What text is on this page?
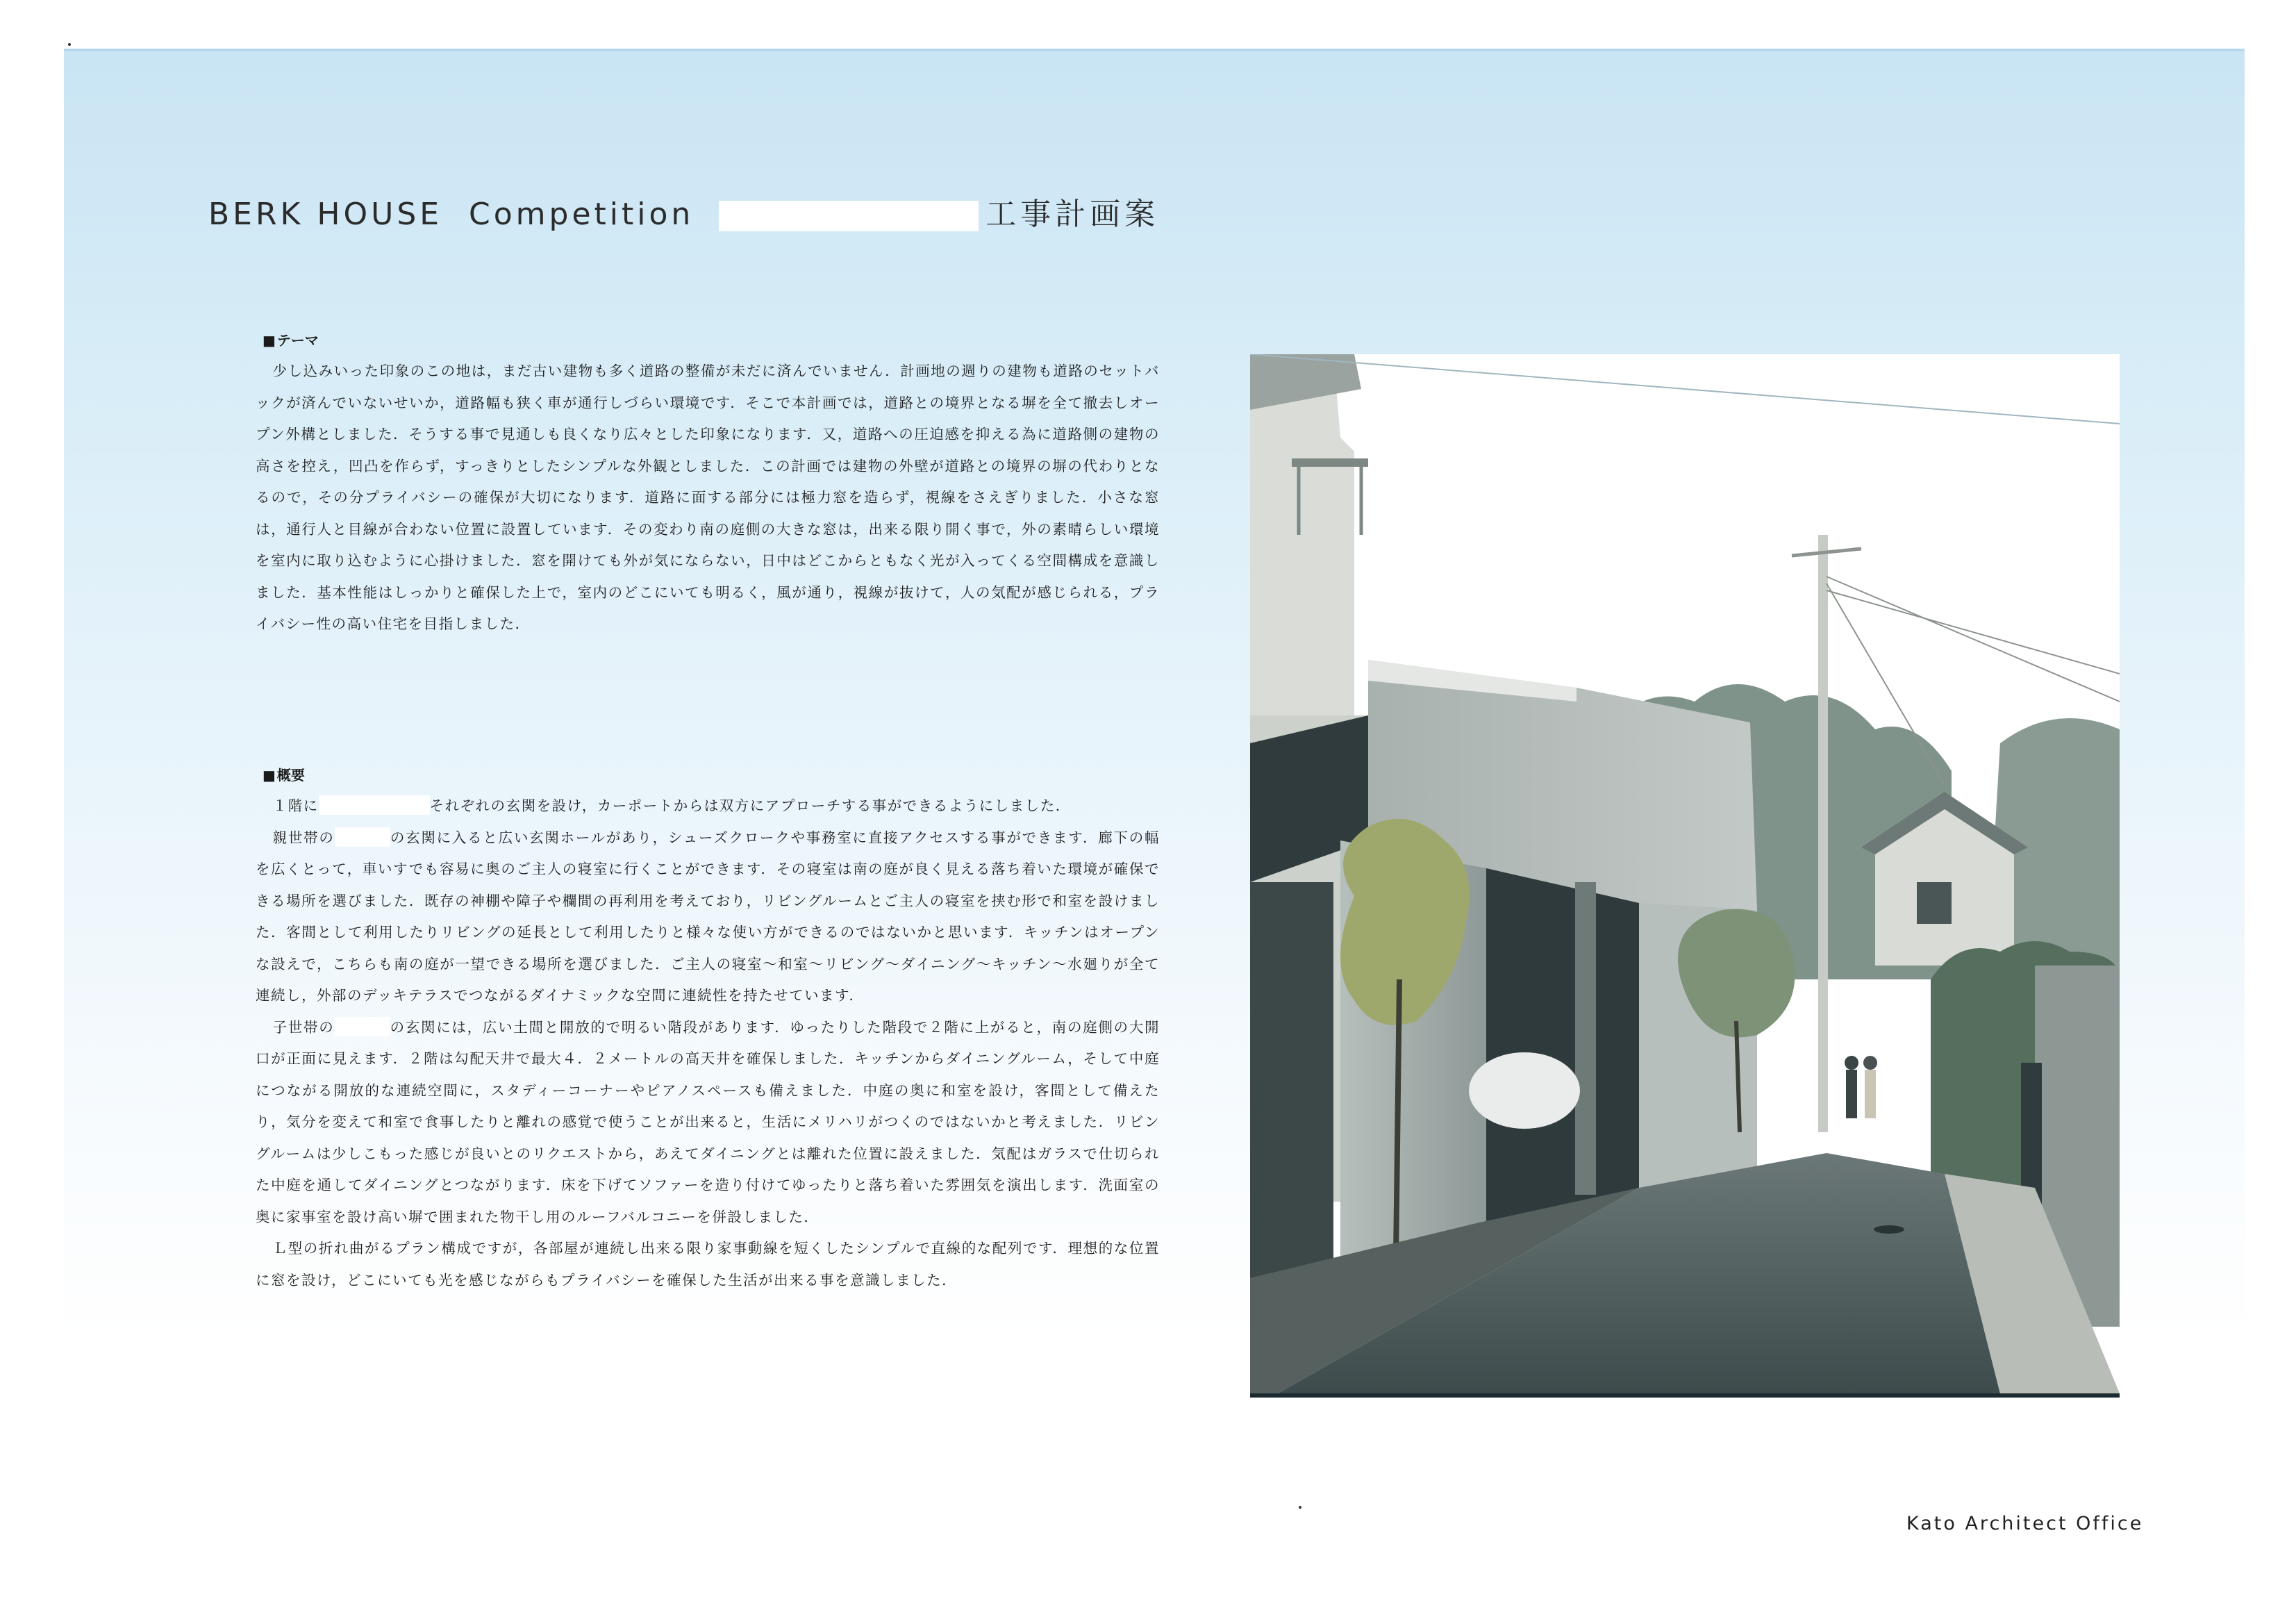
BERK HOUSE  Competition	工事計画案
■ テーマ

少し込みいった印象のこの地は，まだ古い建物も多く道路の整備が未だに済んでいません．計画地の週りの建物も道路のセットバックが済んでいないせいか，道路幅も狭く車が通行しづらい環境です．そこで本計画では，道路との境界となる塀を全て撤去しオープン外構としました．そうする事で見通しも良くなり広々とした印象になります．又，道路への圧迫感を抑える為に道路側の建物の高さを控え，凹凸を作らず，すっきりとしたシンプルな外観としました．この計画では建物の外壁が道路との境界の塀の代わりとなるので，その分プライバシーの確保が大切になります．道路に面する部分には極力窓を造らず，視線をさえぎりました．小さな窓は，通行人と目線が合わない位置に設置しています．その変わり南の庭側の大きな窓は，出来る限り開く事で，外の素晴らしい環境を室内に取り込むように心掛けました．窓を開けても外が気にならない，日中はどこからともなく光が入ってくる空間構成を意識しました．基本性能はしっかりと確保した上で，室内のどこにいても明るく，風が通り，視線が抜けて，人の気配が感じられる，プライバシー性の高い住宅を目指しました．

■ 概要

１階に	それぞれの玄関を設け，カーポートからは双方にアプローチする事ができるようにしました．

親世帯の	の玄関に入ると広い玄関ホールがあり，シューズクロークや事務室に直接アクセスする事ができます．廊下の幅を広くとって，車いすでも容易に奥のご主人の寝室に行くことができます．その寝室は南の庭が良く見える落ち着いた環境が確保できる場所を選びました．既存の神棚や障子や欄間の再利用を考えており，リビングルームとご主人の寝室を挟む形で和室を設けました．客間として利用したりリビングの延長として利用したりと様々な使い方ができるのではないかと思います．キッチンはオープンな設えで，こちらも南の庭が一望できる場所を選びました．ご主人の寝室～和室～リビング～ダイニング～キッチン～水廻りが全て連続し，外部のデッキテラスでつながるダイナミックな空間に連続性を持たせています．

子世帯の	の玄関には，広い土間と開放的で明るい階段があります．ゆったりした階段で２階に上がると，南の庭側の大開口が正面に見えます．２階は勾配天井で最大４．２メートルの高天井を確保しました．キッチンからダイニングルーム，そして中庭につながる開放的な連続空間に，スタディーコーナーやピアノスペースも備えました．中庭の奥に和室を設け，客間として備えたり，気分を変えて和室で食事したりと離れの感覚で使うことが出来ると，生活にメリハリがつくのではないかと考えました．リビングルームは少しこもった感じが良いとのリクエストから，あえてダイニングとは離れた位置に設えました．気配はガラスで仕切られた中庭を通してダイニングとつながります．床を下げてソファーを造り付けてゆったりと落ち着いた雰囲気を演出します．洗面室の奥に家事室を設け高い塀で囲まれた物干し用のルーフバルコニーを併設しました．

Ｌ型の折れ曲がるプラン構成ですが，各部屋が連続し出来る限り家事動線を短くしたシンプルで直線的な配列です．理想的な位置に窓を設け，どこにいても光を感じながらもプライバシーを確保した生活が出来る事を意識しました．

Kato Architect Office
